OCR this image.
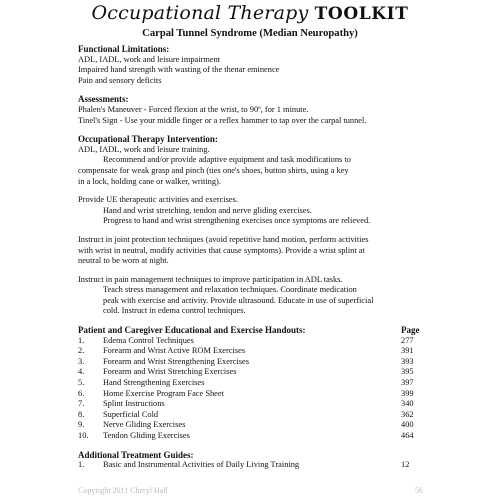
Occupational Therapy TOOLKIT
Carpal Tunnel Syndrome (Median Neuropathy)
Functional Limitations:
ADL, IADL, work and leisure impairment
Impaired hand strength with wasting of the thenar eminence
Pain and sensory deficits
Assessments:
Phalen's Maneuver - Forced flexion at the wrist, to 90º, for 1 minute.
Tinel's Sign - Use your middle finger or a reflex hammer to tap over the carpal tunnel.
Occupational Therapy Intervention:
ADL, IADL, work and leisure training.
Recommend and/or provide adaptive equipment and task modifications to
compensate for weak grasp and pinch (ties one's shoes, button shirts, using a key
in a lock, holding cane or walker, writing).
Provide UE therapeutic activities and exercises.
Hand and wrist stretching, tendon and nerve gliding exercises.
Progress to hand and wrist strengthening exercises once symptoms are relieved.
Instruct in joint protection techniques (avoid repetitive hand motion, perform activities
with wrist in neutral, modify activities that cause symptoms). Provide a wrist splint at
neutral to be worn at night.
Instruct in pain management techniques to improve participation in ADL tasks.
Teach stress management and relaxation techniques. Coordinate medication
peak with exercise and activity. Provide ultrasound. Educate in use of superficial
cold. Instruct in edema control techniques.
Patient and Caregiver Educational and Exercise Handouts:	Page
1.	Edema Control Techniques	277
2.	Forearm and Wrist Active ROM Exercises	391
3.	Forearm and Wrist Strengthening Exercises	393
4.	Forearm and Wrist Stretching Exercises	395
5.	Hand Strengthening Exercises	397
6.	Home Exercise Program Face Sheet	399
7.	Splint Instructions	340
8.	Superficial Cold	362
9.	Nerve Gliding Exercises	400
10.	Tendon Gliding Exercises	464
Additional Treatment Guides:
1.	Basic and Instrumental Activities of Daily Living Training	12
Copyright 2011 Cheryl Hall	56
